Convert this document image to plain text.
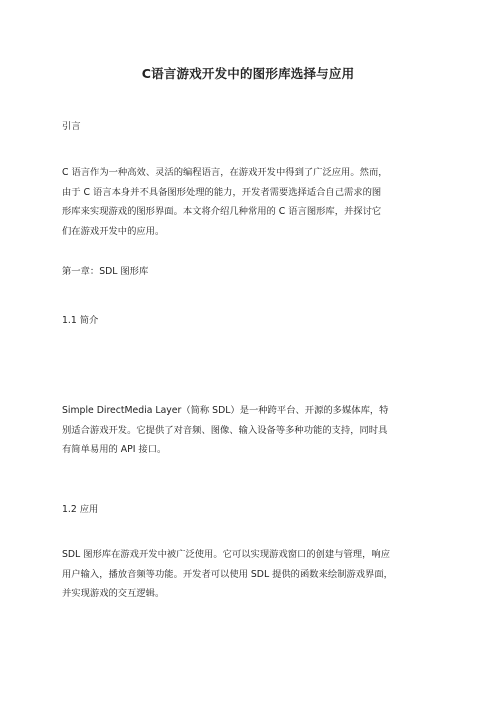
C语言游戏开发中的图形库选择与应用

引言

C 语言作为一种高效、灵活的编程语言，在游戏开发中得到了广泛应用。然而，
由于 C 语言本身并不具备图形处理的能力，开发者需要选择适合自己需求的图
形库来实现游戏的图形界面。本文将介绍几种常用的 C 语言图形库，并探讨它
们在游戏开发中的应用。

第一章：SDL 图形库

1.1 简介

Simple DirectMedia Layer（简称 SDL）是一种跨平台、开源的多媒体库，特
别适合游戏开发。它提供了对音频、图像、输入设备等多种功能的支持，同时具
有简单易用的 API 接口。

1.2 应用

SDL 图形库在游戏开发中被广泛使用。它可以实现游戏窗口的创建与管理，响应
用户输入，播放音频等功能。开发者可以使用 SDL 提供的函数来绘制游戏界面，
并实现游戏的交互逻辑。
